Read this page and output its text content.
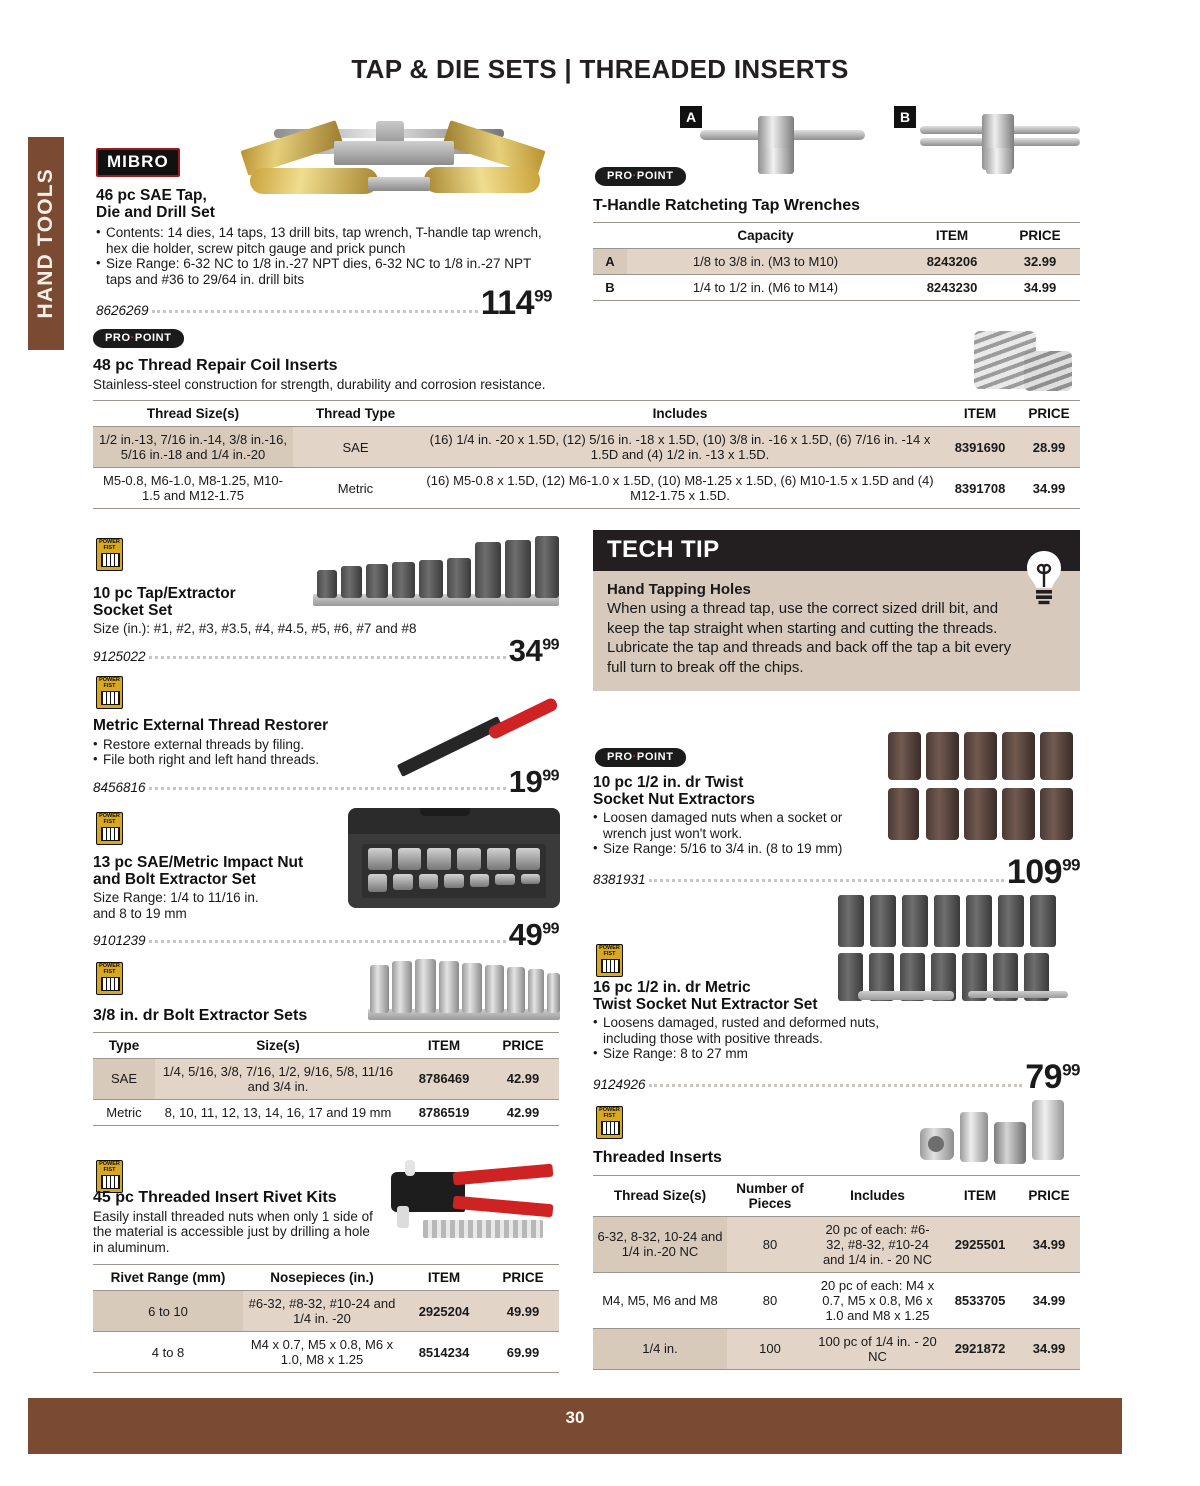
TAP & DIE SETS | THREADED INSERTS
HAND TOOLS
MIBRO
46 pc SAE Tap,
Die and Drill Set
• Contents: 14 dies, 14 taps, 13 drill bits, tap wrench, T-handle tap wrench, hex die holder, screw pitch gauge and prick punch
• Size Range: 6-32 NC to 1/8 in.-27 NPT dies, 6-32 NC to 1/8 in.-27 NPT taps and #36 to 29/64 in. drill bits
8626269	$114^{99}$
A	B
PRO·POINT
T-Handle Ratcheting Tap Wrenches
	Capacity	ITEM	PRICE
A	1/8 to 3/8 in. (M3 to M10)	8243206	32.99
B	1/4 to 1/2 in. (M6 to M14)	8243230	34.99
PRO·POINT
48 pc Thread Repair Coil Inserts
Stainless-steel construction for strength, durability and corrosion resistance.
Thread Size(s)	Thread Type	Includes	ITEM	PRICE
1/2 in.-13, 7/16 in.-14, 3/8 in.-16, 5/16 in.-18 and 1/4 in.-20	SAE	(16) 1/4 in. -20 x 1.5D, (12) 5/16 in. -18 x 1.5D, (10) 3/8 in. -16 x 1.5D, (6) 7/16 in. -14 x 1.5D and (4) 1/2 in. -13 x 1.5D.	8391690	28.99
M5-0.8, M6-1.0, M8-1.25, M10-1.5 and M12-1.75	Metric	(16) M5-0.8 x 1.5D, (12) M6-1.0 x 1.5D, (10) M8-1.25 x 1.5D, (6) M10-1.5 x 1.5D and (4) M12-1.75 x 1.5D.	8391708	34.99
POWER
FIST
10 pc Tap/Extractor
Socket Set
Size (in.): #1, #2, #3, #3.5, #4, #4.5, #5, #6, #7 and #8
9125022	$34^{99}$
POWER
FIST
Metric External Thread Restorer
• Restore external threads by filing.
• File both right and left hand threads.
8456816	$19^{99}$
POWER
FIST
13 pc SAE/Metric Impact Nut
and Bolt Extractor Set
Size Range: 1/4 to 11/16 in.
and 8 to 19 mm
9101239	$49^{99}$
POWER
FIST
3/8 in. dr Bolt Extractor Sets
Type	Size(s)	ITEM	PRICE
SAE	1/4, 5/16, 3/8, 7/16, 1/2, 9/16, 5/8, 11/16 and 3/4 in.	8786469	42.99
Metric	8, 10, 11, 12, 13, 14, 16, 17 and 19 mm	8786519	42.99
POWER
FIST
45 pc Threaded Insert Rivet Kits
Easily install threaded nuts when only 1 side of the material is accessible just by drilling a hole in aluminum.
Rivet Range (mm)	Nosepieces (in.)	ITEM	PRICE
6 to 10	#6-32, #8-32, #10-24 and 1/4 in. -20	2925204	49.99
4 to 8	M4 x 0.7, M5 x 0.8, M6 x 1.0, M8 x 1.25	8514234	69.99
TECH TIP
Hand Tapping Holes
When using a thread tap, use the correct sized drill bit, and keep the tap straight when starting and cutting the threads. Lubricate the tap and threads and back off the tap a bit every full turn to break off the chips.
PRO·POINT
10 pc 1/2 in. dr Twist
Socket Nut Extractors
• Loosen damaged nuts when a socket or wrench just won't work.
• Size Range: 5/16 to 3/4 in. (8 to 19 mm)
8381931	$109^{99}$
POWER
FIST
16 pc 1/2 in. dr Metric
Twist Socket Nut Extractor Set
• Loosens damaged, rusted and deformed nuts, including those with positive threads.
• Size Range: 8 to 27 mm
9124926	$79^{99}$
POWER
FIST
Threaded Inserts
Thread Size(s)	Number of Pieces	Includes	ITEM	PRICE
6-32, 8-32, 10-24 and 1/4 in.-20 NC	80	20 pc of each: #6-32, #8-32, #10-24 and 1/4 in. - 20 NC	2925501	34.99
M4, M5, M6 and M8	80	20 pc of each: M4 x 0.7, M5 x 0.8, M6 x 1.0 and M8 x 1.25	8533705	34.99
1/4 in.	100	100 pc of 1/4 in. - 20 NC	2921872	34.99
30
